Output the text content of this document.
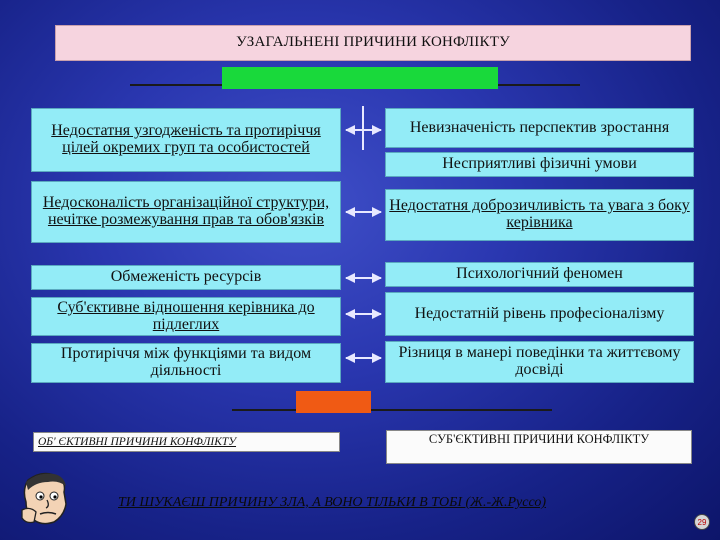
УЗАГАЛЬНЕНІ ПРИЧИНИ КОНФЛІКТУ
Недостатня узгодженість та протиріччя цілей окремих груп та особистостей
Недосконалість організаційної структури, нечітке розмежування прав та обов'язків
Обмеженість ресурсів
Суб'єктивне відношення керівника до підлеглих
Протиріччя між функціями та видом діяльності
Невизначеність перспектив зростання
Несприятливі фізичні умови
Недостатня доброзичливість та увага з боку керівника
Психологічний феномен
Недостатній рівень професіоналізму
Різниця в манері поведінки та життєвому досвіді
ОБ' ЄКТИВНІ ПРИЧИНИ КОНФЛІКТУ	СУБ'ЄКТИВНІ ПРИЧИНИ КОНФЛІКТУ
ТИ ШУКАЄШ ПРИЧИНУ ЗЛА, А ВОНО ТІЛЬКИ В ТОБІ (Ж.-Ж.Руссо)
29
